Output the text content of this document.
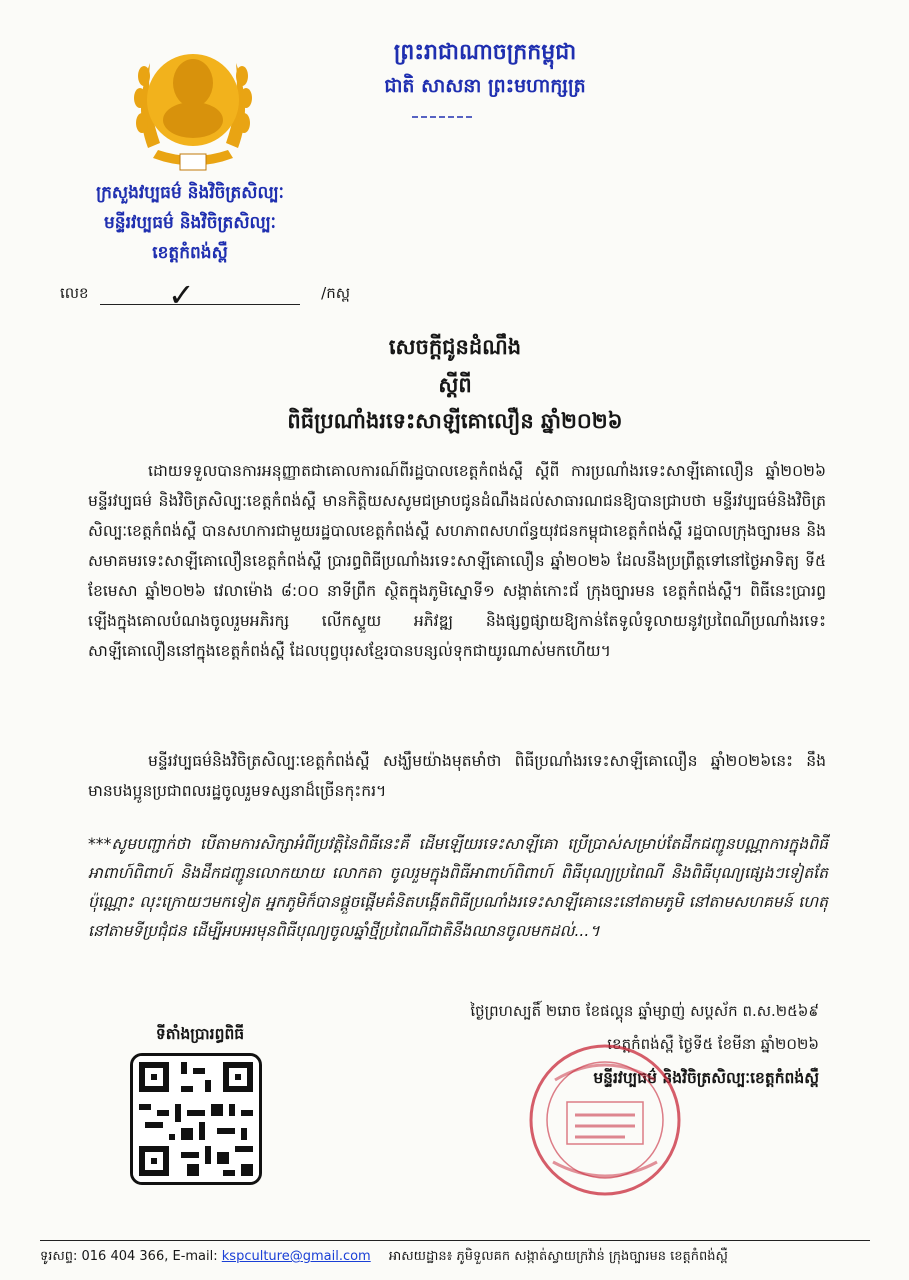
ព្រះរាជាណាចក្រកម្ពុជា
ជាតិ សាសនា ព្រះមហាក្សត្រ
ក្រសួងវប្បធម៌ និងវិចិត្រសិល្បៈ
មន្ទីរវប្បធម៌ និងវិចិត្រសិល្បៈ
ខេត្តកំពង់ស្ពឺ
លេខ ✓	/កស្ព
សេចក្តីជូនដំណឹង
ស្តីពី
ពិធីប្រណាំងរទេះសាឡីគោលឿន ឆ្នាំ២០២៦
ដោយទទួលបានការអនុញ្ញាតជាគោលការណ៍ពីរដ្ឋបាលខេត្តកំពង់ស្ពឺ ស្តីពី ការប្រណាំងរទេះសាឡីគោលឿន ឆ្នាំ២០២៦ មន្ទីរវប្បធម៌ និងវិចិត្រសិល្បៈខេត្តកំពង់ស្ពឺ មានកិត្តិយសសូមជម្រាបជូនដំណឹងដល់សាធារណជនឱ្យបានជ្រាបថា មន្ទីរវប្បធម៌និងវិចិត្រសិល្បៈខេត្តកំពង់ស្ពឺ បានសហការជាមួយរដ្ឋបាលខេត្តកំពង់ស្ពឺ សហភាពសហព័ន្ធយុវជនកម្ពុជាខេត្តកំពង់ស្ពឺ រដ្ឋបាលក្រុងច្បារមន និងសមាគមរទេះសាឡីគោលឿនខេត្តកំពង់ស្ពឺ ប្រារព្ធពិធីប្រណាំងរទេះសាឡីគោលឿន ឆ្នាំ២០២៦ ដែលនឹងប្រព្រឹត្តទៅនៅថ្ងៃអាទិត្យ ទី៥ ខែមេសា ឆ្នាំ២០២៦ វេលាម៉ោង ៨:០០ នាទីព្រឹក ស្ថិតក្នុងភូមិស្នោទី១ សង្កាត់កោះជ័ ក្រុងច្បារមន ខេត្តកំពង់ស្ពឺ។ ពិធីនេះប្រារព្ធឡើងក្នុងគោលបំណងចូលរួមអភិរក្ស លើកស្ទួយ អភិវឌ្ឍ និងផ្សព្វផ្សាយឱ្យកាន់តែទូលំទូលាយនូវប្រពៃណីប្រណាំងរទេះសាឡីគោលឿននៅក្នុងខេត្តកំពង់ស្ពឺ ដែលបុព្វបុរសខ្មែរបានបន្សល់ទុកជាយូរណាស់មកហើយ។
មន្ទីរវប្បធម៌និងវិចិត្រសិល្បៈខេត្តកំពង់ស្ពឺ សង្ឃឹមយ៉ាងមុតមាំថា ពិធីប្រណាំងរទេះសាឡីគោលឿន ឆ្នាំ២០២៦នេះ នឹងមានបងប្អូនប្រជាពលរដ្ឋចូលរួមទស្សនាដ៏ច្រើនកុះករ។
***សូមបញ្ជាក់ថា បើតាមការសិក្សាអំពីប្រវត្តិនៃពិធីនេះគឺ ដើមឡើយរទេះសាឡីគោ ប្រើប្រាស់សម្រាប់តែដឹកជញ្ជូនបណ្ណាការក្នុងពិធីអាពាហ៍ពិពាហ៍ និងដឹកជញ្ជូនលោកយាយ លោកតា ចូលរួមក្នុងពិធីអាពាហ៍ពិពាហ៍ ពិធីបុណ្យប្រពៃណី និងពិធីបុណ្យផ្សេងៗទៀតតែប៉ុណ្ណោះ លុះក្រោយៗមកទៀត អ្នកភូមិក៏បានផ្តួចផ្តើមគំនិតបង្កើតពិធីប្រណាំងរទេះសាឡីគោនេះនៅតាមភូមិ នៅតាមសហគមន៍ ហេតុនៅតាមទីប្រជុំជន ដើម្បីអបអរមុនពិធីបុណ្យចូលឆ្នាំថ្មីប្រពៃណីជាតិនឹងឈានចូលមកដល់...។
ថ្ងៃព្រហស្បតិ៍ ២រោច ខែផល្គុន ឆ្នាំម្សាញ់ សប្តស័ក ព.ស.២៥៦៩
ខេត្តកំពង់ស្ពឺ ថ្ងៃទី៥ ខែមីនា ឆ្នាំ២០២៦
មន្ទីរវប្បធម៌ និងវិចិត្រសិល្បៈខេត្តកំពង់ស្ពឺ
ទីតាំងប្រារព្ធពិធី
ទូរសព្ទ: 016 404 366, E-mail: kspculture@gmail.com អាសយដ្ឋាន៖ ភូមិទួលគក សង្កាត់ស្វាយក្រវ៉ាន់ ក្រុងច្បារមន ខេត្តកំពង់ស្ពឺ
